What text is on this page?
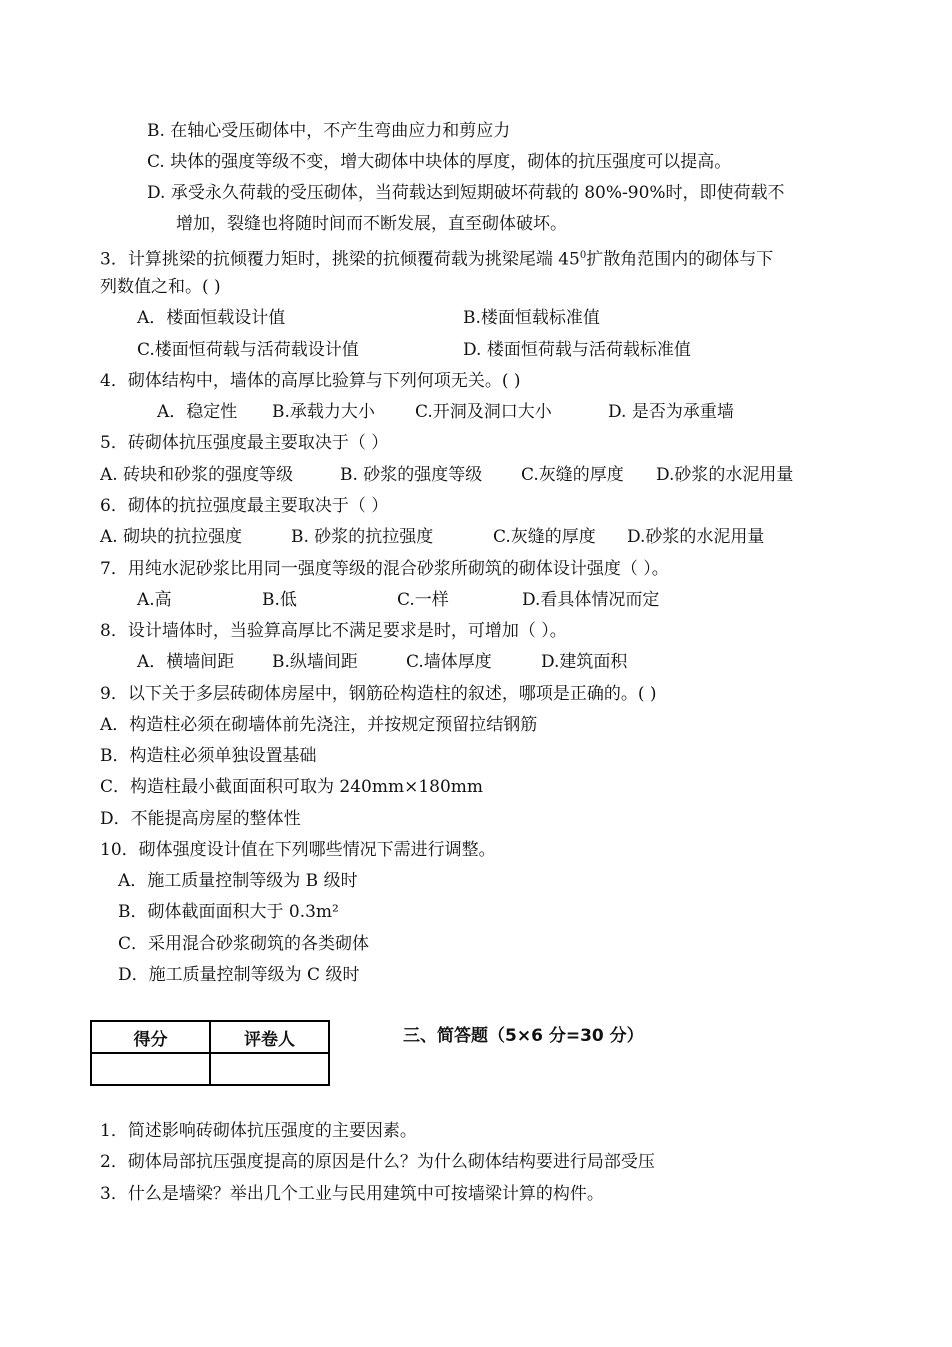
B. 在轴心受压砌体中，不产生弯曲应力和剪应力
C. 块体的强度等级不变，增大砌体中块体的厚度，砌体的抗压强度可以提高。
D. 承受永久荷载的受压砌体，当荷载达到短期破坏荷载的 80%-90%时，即使荷载不
增加，裂缝也将随时间而不断发展，直至砌体破坏。
3．计算挑梁的抗倾覆力矩时，挑梁的抗倾覆荷载为挑梁尾端 $45^0$扩散角范围内的砌体与下
列数值之和。( )
A．楼面恒载设计值	B.楼面恒载标准值
C.楼面恒荷载与活荷载设计值	D. 楼面恒荷载与活荷载标准值
4．砌体结构中，墙体的高厚比验算与下列何项无关。( )
A．稳定性 B.承载力大小 C.开洞及洞口大小	D. 是否为承重墙
5．砖砌体抗压强度最主要取决于（ ）
A. 砖块和砂浆的强度等级	B. 砂浆的强度等级 C.灰缝的厚度 D.砂浆的水泥用量
6．砌体的抗拉强度最主要取决于（ ）
A. 砌块的抗拉强度	B. 砂浆的抗拉强度	C.灰缝的厚度 D.砂浆的水泥用量
7．用纯水泥砂浆比用同一强度等级的混合砂浆所砌筑的砌体设计强度（ ）。
A.高	B.低	C.一样	D.看具体情况而定
8．设计墙体时，当验算高厚比不满足要求是时，可增加（ ）。
A．横墙间距 B.纵墙间距	C.墙体厚度	D.建筑面积
9．以下关于多层砖砌体房屋中，钢筋砼构造柱的叙述，哪项是正确的。( )
A．构造柱必须在砌墙体前先浇注，并按规定预留拉结钢筋
B．构造柱必须单独设置基础
C．构造柱最小截面面积可取为 240mm×180mm
D．不能提高房屋的整体性
10．砌体强度设计值在下列哪些情况下需进行调整。
A．施工质量控制等级为 B 级时
B．砌体截面面积大于 0.3m²
C．采用混合砂浆砌筑的各类砌体
D．施工质量控制等级为 C 级时
得分	评卷人
		三、简答题（5×6 分=30 分）
1．简述影响砖砌体抗压强度的主要因素。
2．砌体局部抗压强度提高的原因是什么？为什么砌体结构要进行局部受压
3．什么是墙梁？举出几个工业与民用建筑中可按墙梁计算的构件。
